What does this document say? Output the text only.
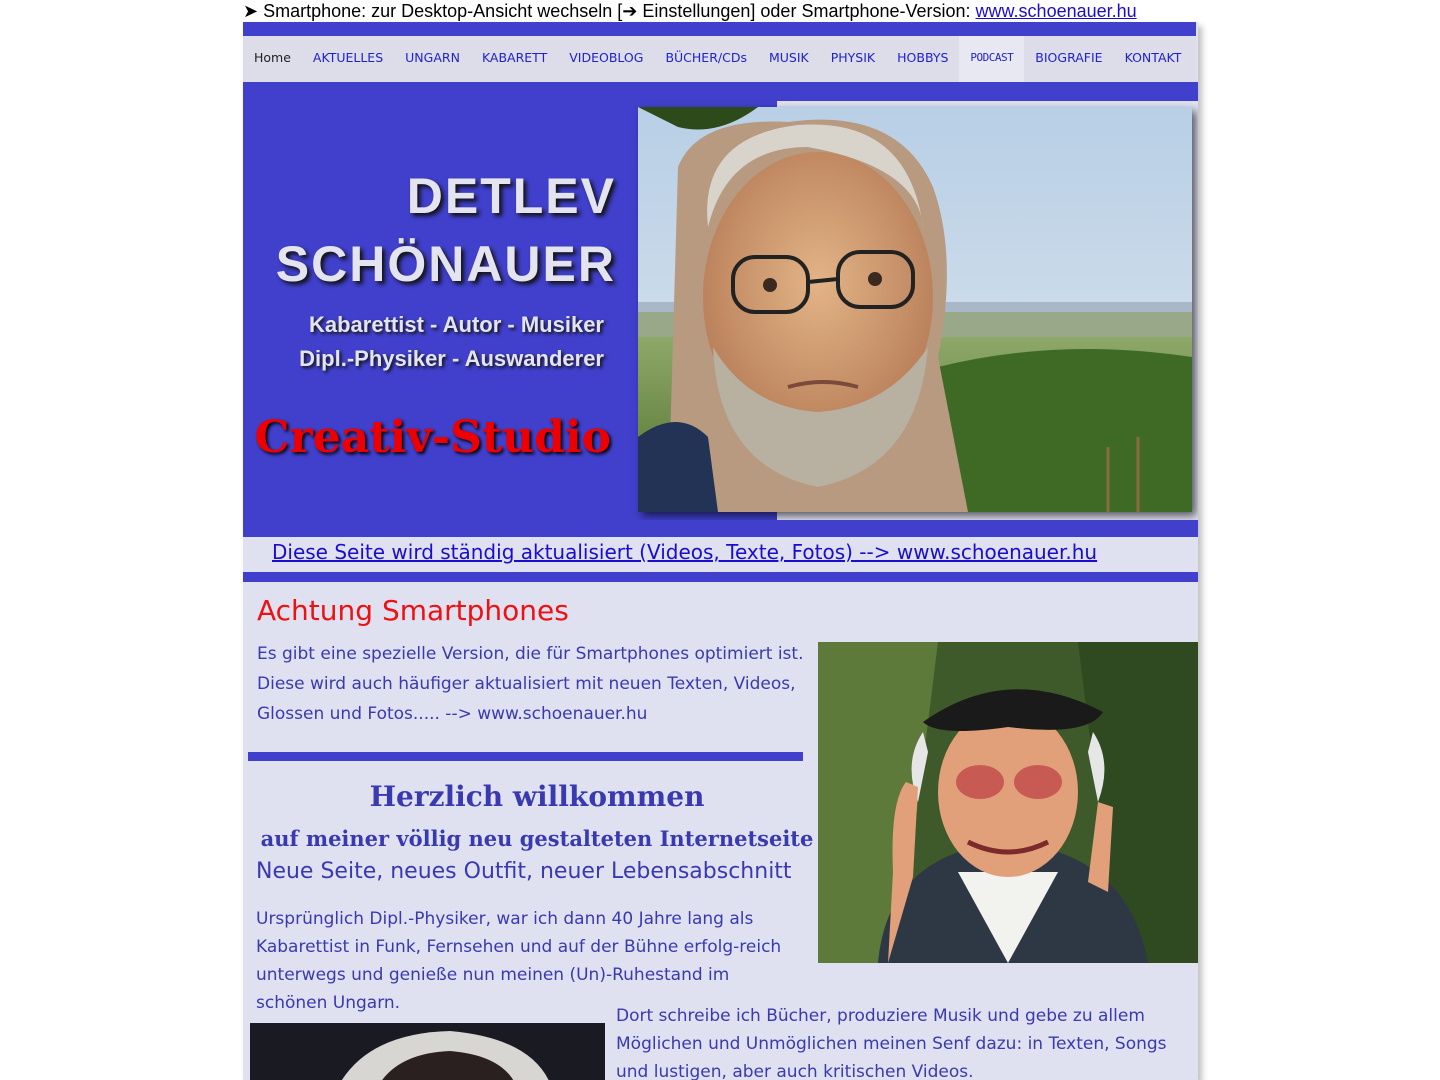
➤ Smartphone: zur Desktop-Ansicht wechseln [➔ Einstellungen] oder Smartphone-Version: www.schoenauer.hu
Home	AKTUELLES	UNGARN	KABARETT	VIDEOBLOG	BÜCHER/CDs	MUSIK	PHYSIK	HOBBYS	PODCAST	BIOGRAFIE	KONTAKT
DETLEV
SCHÖNAUER
Kabarettist - Autor - Musiker
Dipl.-Physiker - Auswanderer
Creativ-Studio
Diese Seite wird ständig aktualisiert (Videos, Texte, Fotos) --> www.schoenauer.hu
Achtung Smartphones

Es gibt eine spezielle Version, die für Smartphones optimiert ist. Diese wird auch häufiger aktualisiert mit neuen Texten, Videos, Glossen und Fotos..... --> www.schoenauer.hu

Herzlich willkommen
auf meiner völlig neu gestalteten Internetseite
Neue Seite, neues Outfit, neuer Lebensabschnitt

Ursprünglich Dipl.-Physiker, war ich dann 40 Jahre lang als Kabarettist in Funk, Fernsehen und auf der Bühne erfolg-reich unterwegs und genieße nun meinen (Un)-Ruhestand im schönen Ungarn.

Dort schreibe ich Bücher, produziere Musik und gebe zu allem Möglichen und Unmöglichen meinen Senf dazu: in Texten, Songs und lustigen, aber auch kritischen Videos.
